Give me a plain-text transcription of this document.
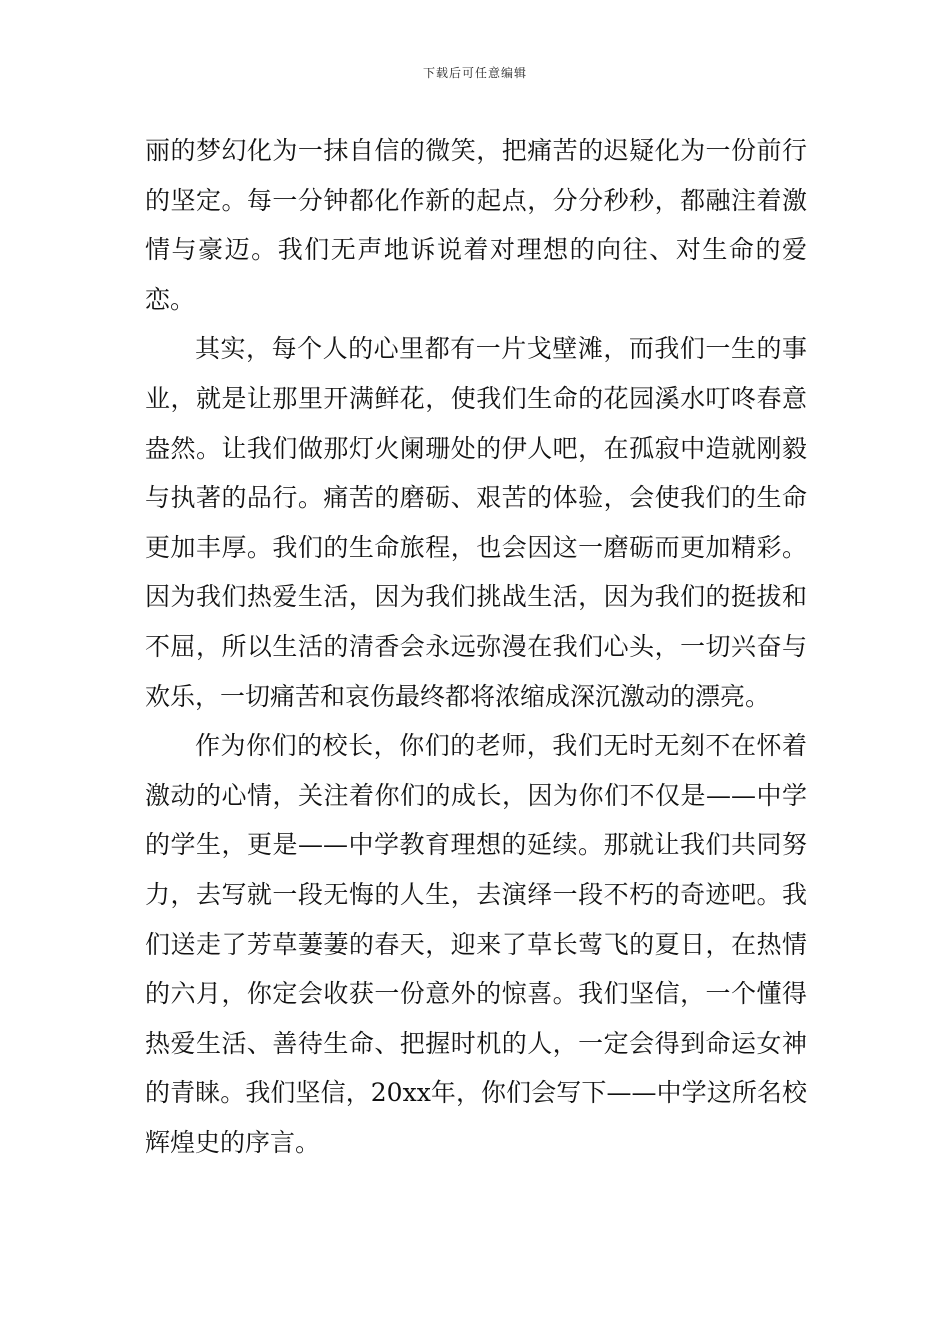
下载后可任意编辑

丽的梦幻化为一抹自信的微笑，把痛苦的迟疑化为一份前行的坚定。每一分钟都化作新的起点，分分秒秒，都融注着激情与豪迈。我们无声地诉说着对理想的向往、对生命的爱恋。

其实，每个人的心里都有一片戈壁滩，而我们一生的事业，就是让那里开满鲜花，使我们生命的花园溪水叮咚春意盎然。让我们做那灯火阑珊处的伊人吧，在孤寂中造就刚毅与执著的品行。痛苦的磨砺、艰苦的体验，会使我们的生命更加丰厚。我们的生命旅程，也会因这一磨砺而更加精彩。因为我们热爱生活，因为我们挑战生活，因为我们的挺拔和不屈，所以生活的清香会永远弥漫在我们心头，一切兴奋与欢乐，一切痛苦和哀伤最终都将浓缩成深沉激动的漂亮。

作为你们的校长，你们的老师，我们无时无刻不在怀着激动的心情，关注着你们的成长，因为你们不仅是——中学的学生，更是——中学教育理想的延续。那就让我们共同努力，去写就一段无悔的人生，去演绎一段不朽的奇迹吧。我们送走了芳草萋萋的春天，迎来了草长莺飞的夏日，在热情的六月，你定会收获一份意外的惊喜。我们坚信，一个懂得热爱生活、善待生命、把握时机的人，一定会得到命运女神的青睐。我们坚信，20xx年，你们会写下——中学这所名校辉煌史的序言。
